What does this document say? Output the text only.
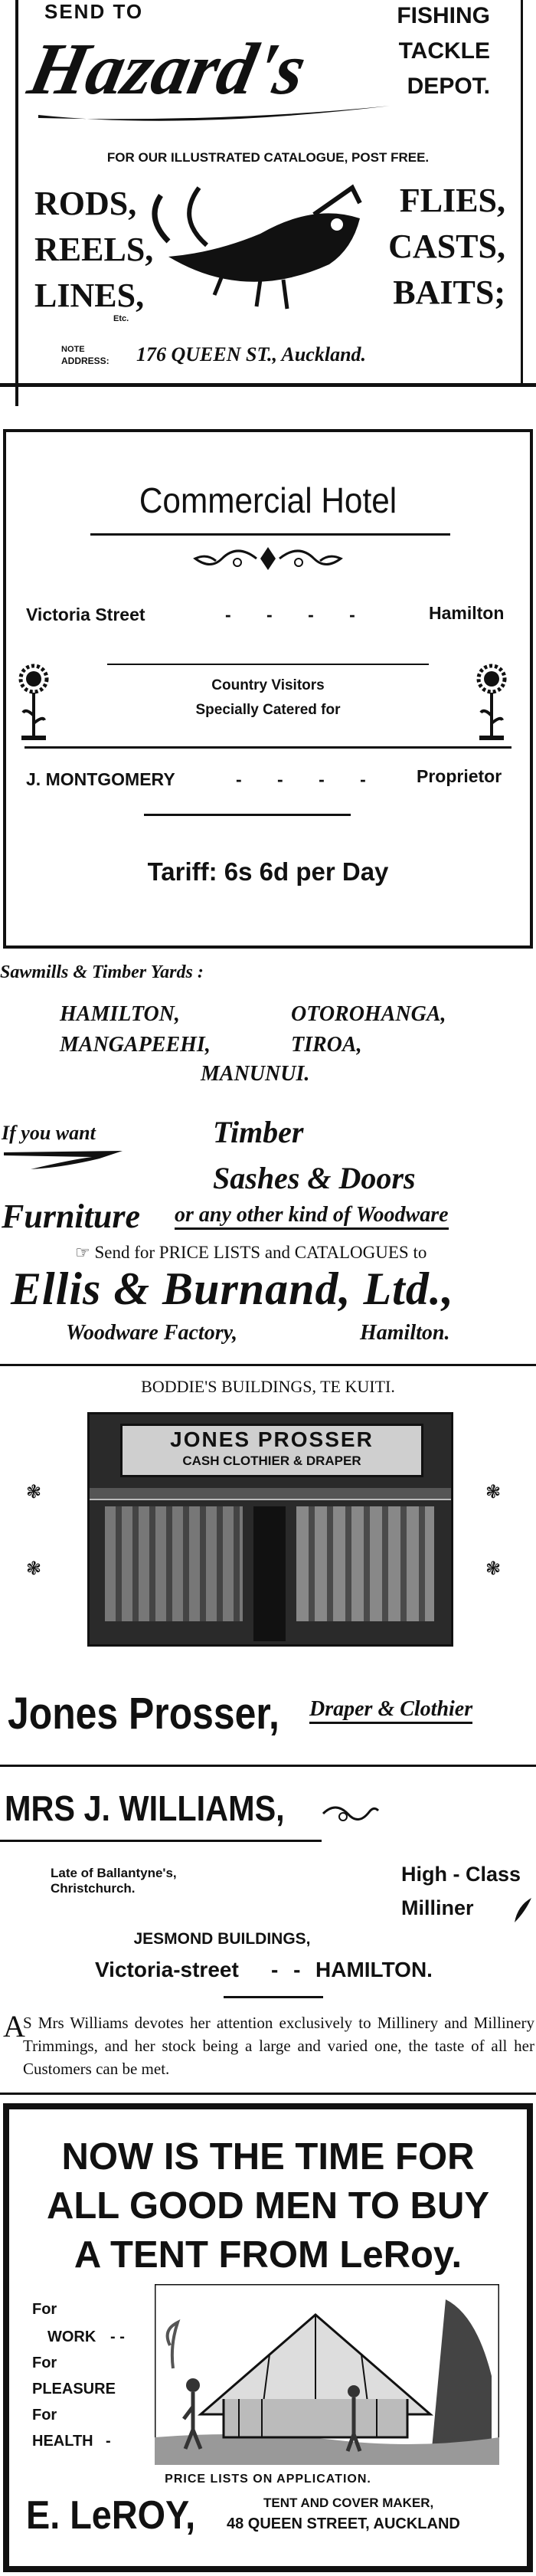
SEND TO
Hazard's
FISHING
TACKLE
DEPOT.
FOR OUR ILLUSTRATED CATALOGUE, POST FREE.
RODS,
REELS,
LINES,
Etc.
FLIES,
CASTS,
BAITS;
NOTE
ADDRESS: 176 QUEEN ST., Auckland.
Commercial Hotel
Victoria Street	- - - -	Hamilton
Country Visitors
Specially Catered for
J. MONTGOMERY	- - - - Proprietor
Tariff: 6s 6d per Day
Sawmills & Timber Yards :
HAMILTON,	OTOROHANGA,
MANGAPEEHI,	TIROA,
MANUNUI.
If you want	Timber
Sashes & Doors
Furniture or any other kind of Woodware
☞ Send for PRICE LISTS and CATALOGUES to
Ellis & Burnand, Ltd.,
Woodware Factory,	Hamilton.
BODDIE'S BUILDINGS, TE KUITI.
❃	❃
❃	❃
JONES PROSSER
CASH CLOTHIER & DRAPER
Jones Prosser, Draper & Clothier
MRS J. WILLIAMS,
Late of Ballantyne's,
Christchurch.
High - Class
Milliner
JESMOND BUILDINGS,
Victoria-street - - HAMILTON.
A
S Mrs Williams devotes her attention exclusively to Millinery and Millinery Trimmings, and her stock being a large and varied one, the taste of all her Customers can be met.
NOW IS THE TIME FOR
ALL GOOD MEN TO BUY
A TENT FROM LeRoy.
For
WORK - -
For
PLEASURE
For
HEALTH -
PRICE LISTS ON APPLICATION.
E. LeROY,	TENT AND COVER MAKER,
48 QUEEN STREET, AUCKLAND
